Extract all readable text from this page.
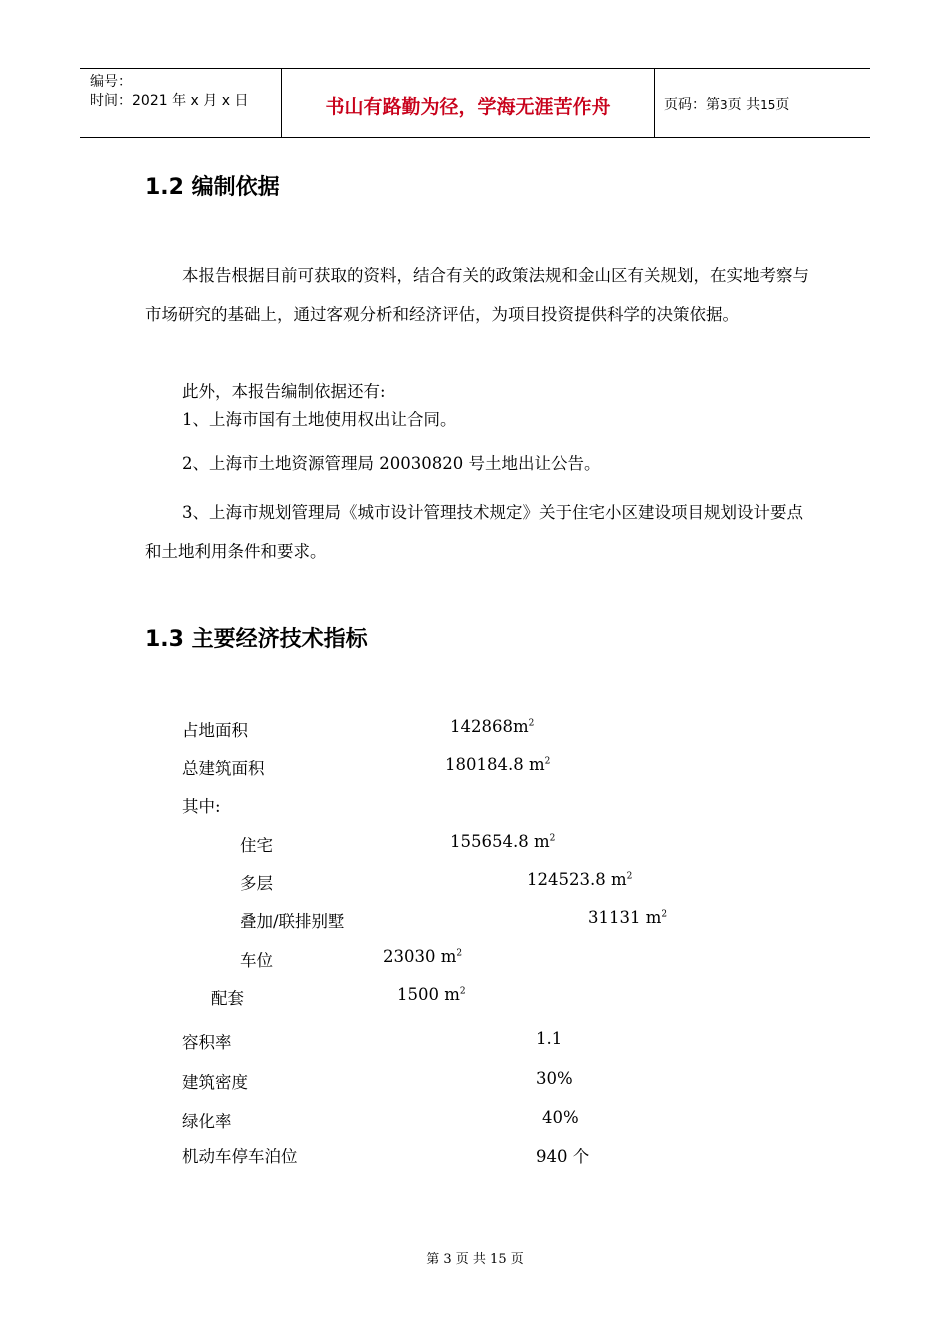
编号：
时间：2021 年 x 月 x 日	书山有路勤为径，学海无涯苦作舟	页码：第3页 共15页
1.2 编制依据

本报告根据目前可获取的资料，结合有关的政策法规和金山区有关规划，在实地考察与市场研究的基础上，通过客观分析和经济评估，为项目投资提供科学的决策依据。

此外，本报告编制依据还有:
1、上海市国有土地使用权出让合同。
2、上海市土地资源管理局 20030820 号土地出让公告。

3、上海市规划管理局《城市设计管理技术规定》关于住宅小区建设项目规划设计要点和土地利用条件和要求。

1.3 主要经济技术指标
占地面积	$142868m^2$
总建筑面积	180184.8 $m^2$
其中:
住宅	155654.8 $m^2$
多层	124523.8 $m^2$
叠加/联排别墅	31131 $m^2$
车位	23030 $m^2$
配套	1500 $m^2$
容积率	1.1
建筑密度	30%
绿化率	40%
机动车停车泊位	940 个
第 3 页 共 15 页
